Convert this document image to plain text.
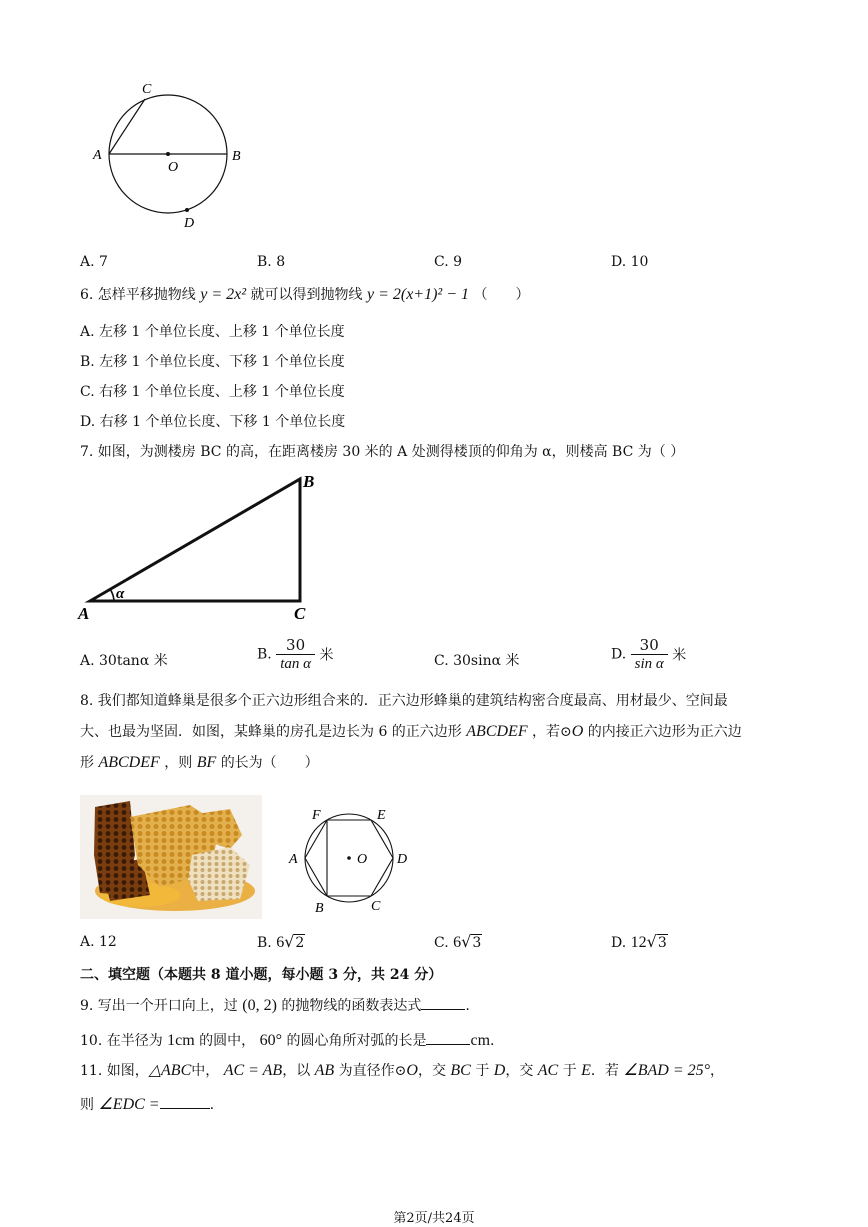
C
A
O
B
D
A. 7	B. 8	C. 9	D. 10
6. 怎样平移抛物线 y = 2x² 就可以得到抛物线 y = 2(x+1)² − 1 （　　）
A. 左移 1 个单位长度、上移 1 个单位长度
B. 左移 1 个单位长度、下移 1 个单位长度
C. 右移 1 个单位长度、上移 1 个单位长度
D. 右移 1 个单位长度、下移 1 个单位长度
7. 如图，为测楼房 BC 的高，在距离楼房 30 米的 A 处测得楼顶的仰角为 α，则楼高 BC 为（ ）
B
A	C
α
A. 30tanα 米	B. $\frac{30}{\text{tan α}}$ 米	C. 30sinα 米	D. $\frac{30}{\text{sin α}}$ 米
8. 我们都知道蜂巢是很多个正六边形组合来的．正六边形蜂巢的建筑结构密合度最高、用材最少、空间最
大、也最为坚固．如图，某蜂巢的房孔是边长为 6 的正六边形 ABCDEF ，若⊙O 的内接正六边形为正六边
形 ABCDEF ，则 BF 的长为（　　）
F	E
A	O D
B	C
A. 12	B. 6√2	C. 6√3	D. 12√3
二、填空题（本题共 8 道小题，每小题 3 分，共 24 分）
9. 写出一个开口向上，过 (0, 2) 的抛物线的函数表达式	.
10. 在半径为 1cm 的圆中， 60° 的圆心角所对弧的长是	cm.
11. 如图，△ABC中， AC = AB，以 AB 为直径作⊙O，交 BC 于 D，交 AC 于 E．若 ∠BAD = 25°，
则 ∠EDC =	.
第2页/共24页
